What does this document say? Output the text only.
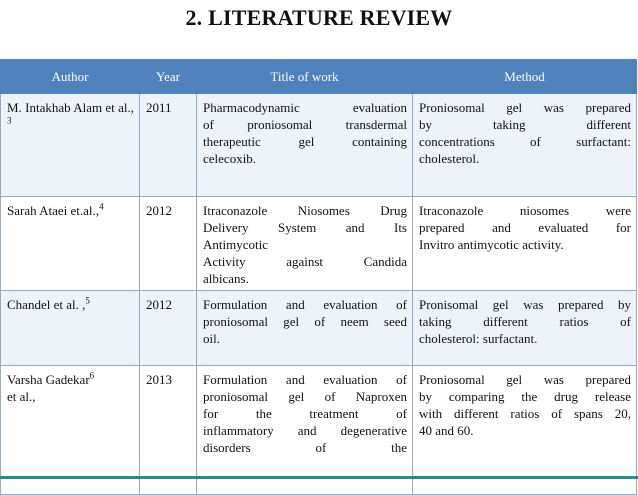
2. LITERATURE REVIEW
Author	Year	Title of work	Method
M. Intakhab Alam et al., $^3$	2011	Pharmacodynamic evaluation
of proniosomal transdermal
therapeutic gel containing
celecoxib.	Proniosomal gel was prepared
by taking different
concentrations of surfactant:
cholesterol.

Sarah Ataei et.al.,$^4$	2012	Itraconazole Niosomes Drug
Delivery System and Its
Antimycotic
Activity against Candida
albicans.	Itraconazole niosomes were
prepared and evaluated for
Invitro antimycotic activity.

Chandel et al. ,$^5$	2012	Formulation and evaluation of
proniosomal gel of neem seed
oil.	Pronisomal gel was prepared by
taking different ratios of
cholesterol: surfactant.

Varsha Gadekar$^6$
et al.,	2013	Formulation and evaluation of
proniosomal gel of Naproxen
for the treatment of
inflammatory and degenerative
disorders of the	Proniosomal gel was prepared
by comparing the drug release
with different ratios of spans 20,
40 and 60.
